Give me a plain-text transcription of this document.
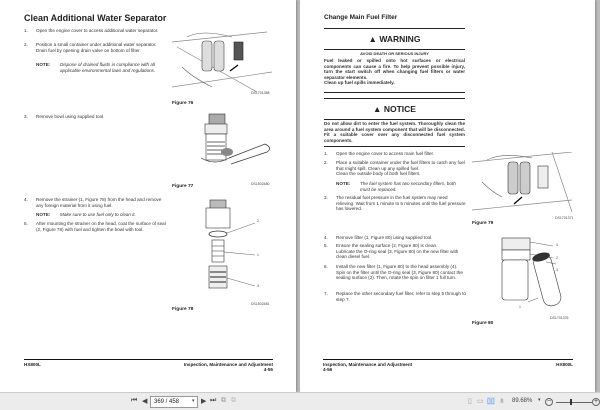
Clean Additional Water Separator
1. Open the engine cover to access additional water separator.
2. Position a small container under additional water separator. Drain fuel by opening drain valve on bottom of filter.
NOTE: Dispose of drained fluids in compliance with all applicable environmental laws and regulations.
DS1701358
Figure 76
3. Remove bowl using supplied tool.
DS1502480
Figure 77
4. Remove the strainer (1, Figure 78) from the head and remove any foreign material from it using fuel.
NOTE: Make sure to use fuel only to clean it.
5. After mounting the strainer on the head, coat the surface of seal (2, Figure 78) with fuel and tighten the bowl with tool.
2
1
3
DS1502481
Figure 78
HX800L	Inspection, Maintenance and Adjustment
4-55
Change Main Fuel Filter
▲ WARNING
AVOID DEATH OR SERIOUS INJURY
Fuel leaked or spilled onto hot surfaces or electrical components can cause a fire. To help prevent possible injury, turn the start switch off when changing fuel filters or water separator elements.
Clean up fuel spills immediately.
▲ NOTICE
Do not allow dirt to enter the fuel system. Thoroughly clean the area around a fuel system component that will be disconnected. Fit a suitable cover over any disconnected fuel system components.
1. Open the engine cover to access main fuel filter.
2. Place a suitable container under the fuel filters to catch any fuel that might spill. Clean up any spilled fuel.
Clean the outside body of both fuel filters.
NOTE: The fuel system has two secondary filters, both must be replaced.
3. The residual fuel pressure in the fuel system may need relieving. Wait from 1 minute to 5 minutes until the fuel pressure has lowered.
4. Remove filter (1, Figure 80) using supplied tool.
5. Ensure the sealing surface (2, Figure 80) is clean.
Lubricate the O-ring seal (3, Figure 80) on the new filter with clean diesel fuel.
6. Install the new filter (1, Figure 80) to the head assembly (4). Spin on the filter until the O-ring seal (3, Figure 80) contact the sealing surface (2). Then, rotate the spin on filter 1 full turn.
7. Replace the other secondary fuel filter, refer to step 5 through to step 7.
DS1701371
Figure 79
4
2
3
1
DS1701376
Figure 80
Inspection, Maintenance and Adjustment
4-56
HX800L
⏮ ◀	369 / 458	▾ ▶ ⏭ ⧉ ⧉	▯ ▭ ▯▯ ⇟ 89.68% ▾ −	+
